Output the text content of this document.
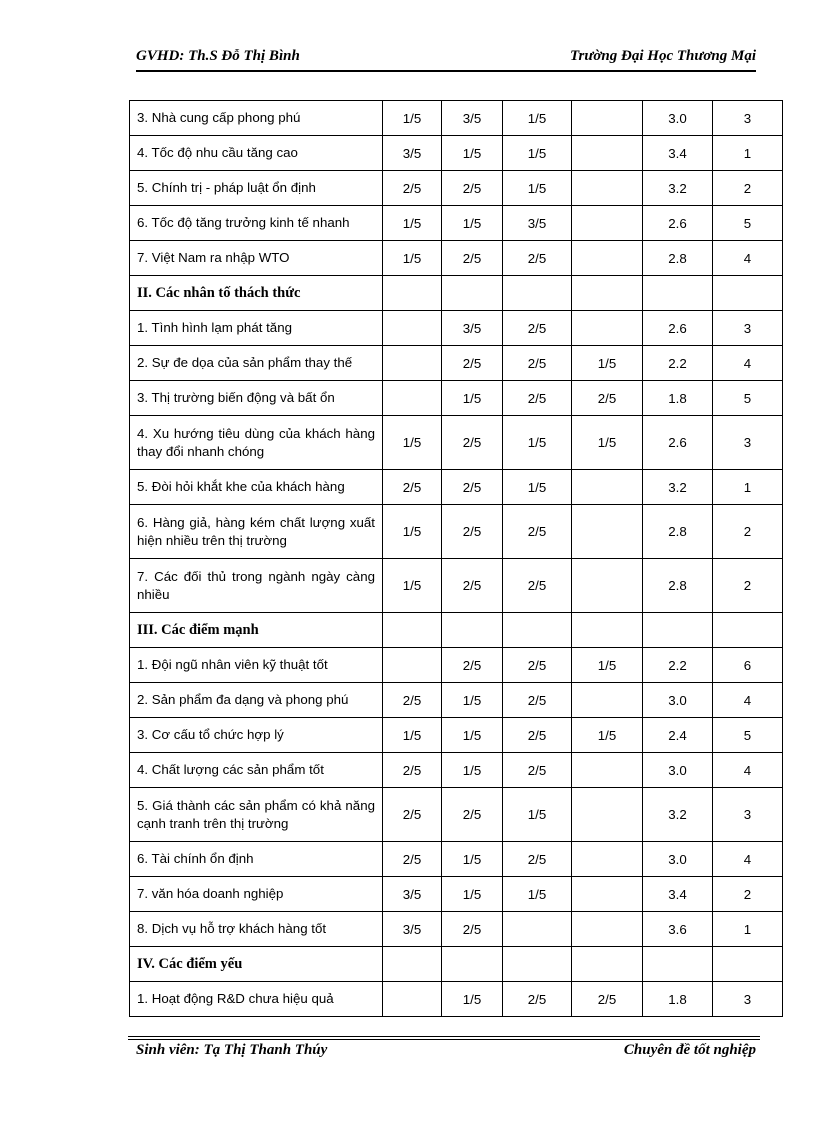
GVHD: Th.S Đỗ Thị Bình	Trường Đại Học Thương Mại
3. Nhà cung cấp phong phú	1/5	3/5	1/5		3.0	3
4. Tốc độ nhu cầu tăng cao	3/5	1/5	1/5		3.4	1
5. Chính trị - pháp luật ổn định	2/5	2/5	1/5		3.2	2
6. Tốc độ tăng trưởng kinh tế nhanh	1/5	1/5	3/5		2.6	5
7. Việt Nam ra nhập WTO	1/5	2/5	2/5		2.8	4
II. Các nhân tố thách thức						
1. Tình hình lạm phát tăng		3/5	2/5		2.6	3
2. Sự đe dọa của sản phẩm thay thế		2/5	2/5	1/5	2.2	4
3. Thị trường biến động và bất ổn		1/5	2/5	2/5	1.8	5
4. Xu hướng tiêu dùng của khách hàng thay đổi nhanh chóng	1/5	2/5	1/5	1/5	2.6	3
5. Đòi hỏi khắt khe của khách hàng	2/5	2/5	1/5		3.2	1
6. Hàng giả, hàng kém chất lượng xuất hiện nhiều trên thị trường	1/5	2/5	2/5		2.8	2
7. Các đối thủ trong ngành ngày càng nhiều	1/5	2/5	2/5		2.8	2
III. Các điểm mạnh						
1. Đội ngũ nhân viên kỹ thuật tốt		2/5	2/5	1/5	2.2	6
2. Sản phẩm đa dạng và phong phú	2/5	1/5	2/5		3.0	4
3. Cơ cấu tổ chức hợp lý	1/5	1/5	2/5	1/5	2.4	5
4. Chất lượng các sản phẩm tốt	2/5	1/5	2/5		3.0	4
5. Giá thành các sản phẩm có khả năng cạnh tranh trên thị trường	2/5	2/5	1/5		3.2	3
6. Tài chính ổn định	2/5	1/5	2/5		3.0	4
7. văn hóa doanh nghiệp	3/5	1/5	1/5		3.4	2
8. Dịch vụ hỗ trợ khách hàng tốt	3/5	2/5			3.6	1
IV. Các điểm yếu						
1. Hoạt động R&D chưa hiệu quả		1/5	2/5	2/5	1.8	3
Sinh viên: Tạ Thị Thanh Thúy	Chuyên đề tốt nghiệp
